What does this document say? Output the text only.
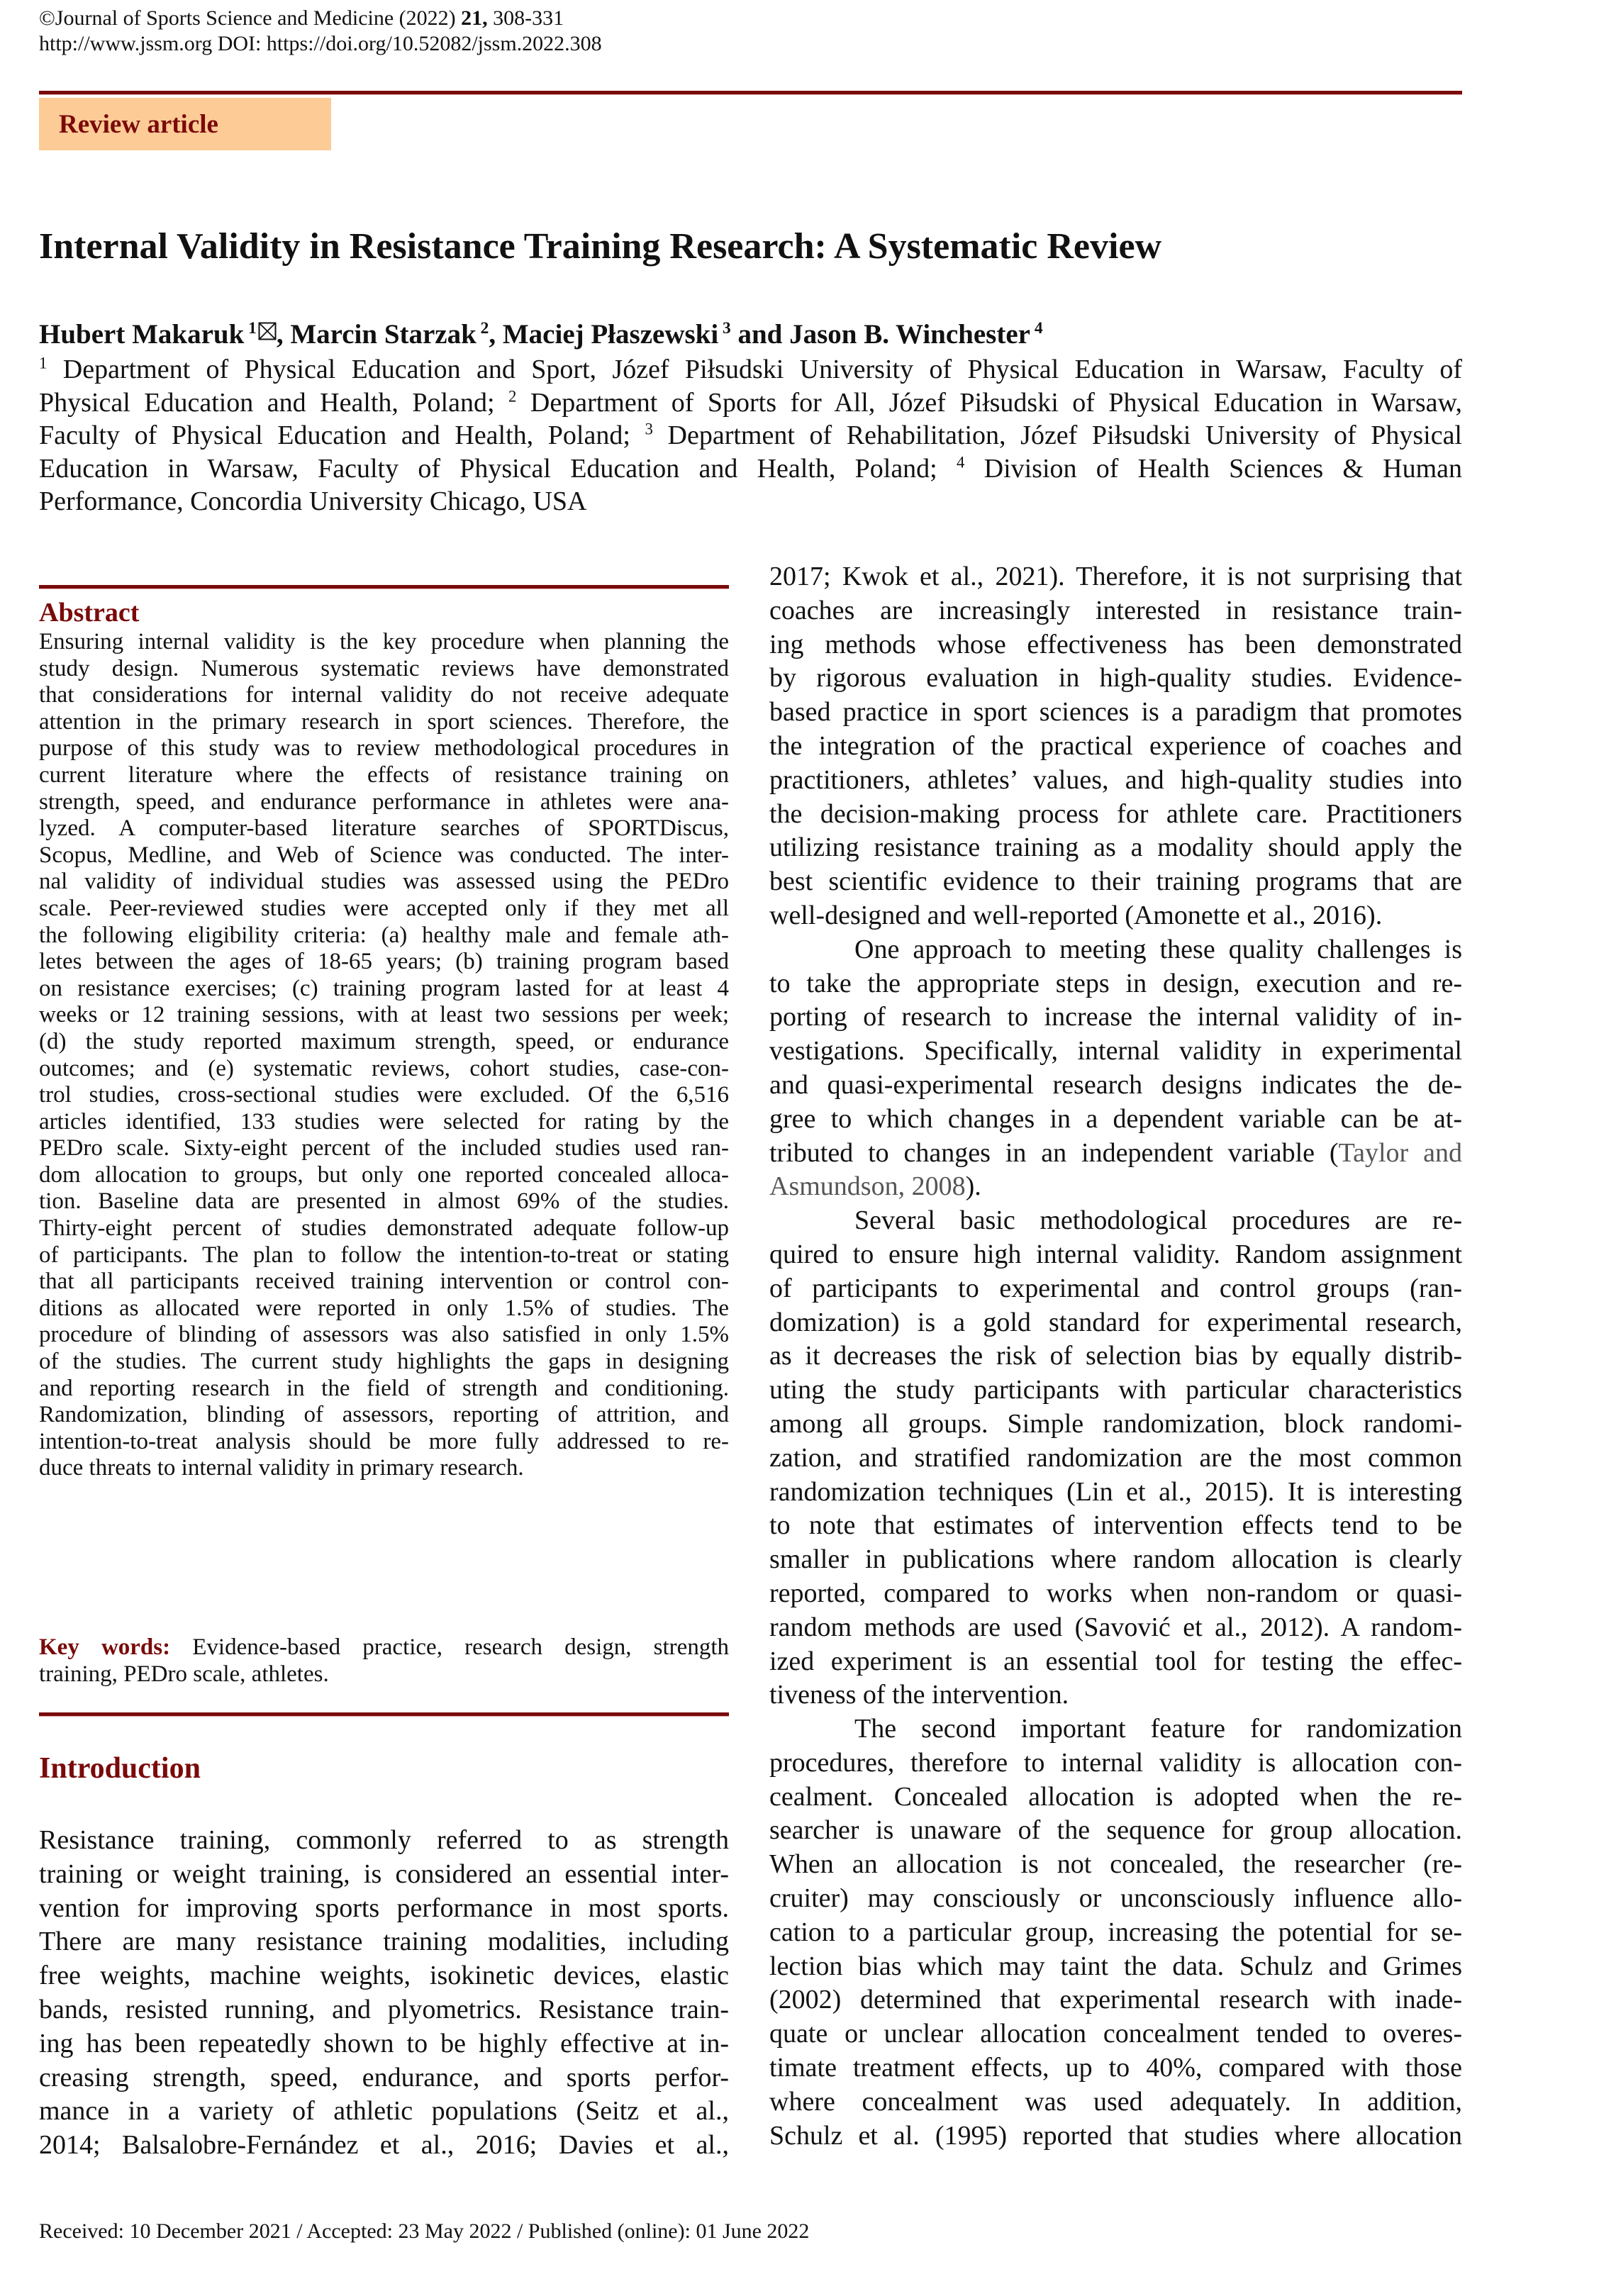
©Journal of Sports Science and Medicine (2022) 21, 308-331
http://www.jssm.org DOI: https://doi.org/10.52082/jssm.2022.308
Review article
Internal Validity in Resistance Training Research: A Systematic Review
Hubert Makaruk $^1$ , Marcin Starzak $^2$, Maciej Płaszewski $^3$ and Jason B. Winchester $^4$
$^1$ Department of Physical Education and Sport, Józef Piłsudski University of Physical Education in Warsaw, Faculty of
Physical Education and Health, Poland; $^2$ Department of Sports for All, Józef Piłsudski of Physical Education in Warsaw,
Faculty of Physical Education and Health, Poland; $^3$ Department of Rehabilitation, Józef Piłsudski University of Physical
Education in Warsaw, Faculty of Physical Education and Health, Poland; $^4$ Division of Health Sciences & Human
Performance, Concordia University Chicago, USA
Abstract
Ensuring internal validity is the key procedure when planning the
study design. Numerous systematic reviews have demonstrated
that considerations for internal validity do not receive adequate
attention in the primary research in sport sciences. Therefore, the
purpose of this study was to review methodological procedures in
current literature where the effects of resistance training on
strength, speed, and endurance performance in athletes were ana-
lyzed. A computer-based literature searches of SPORTDiscus,
Scopus, Medline, and Web of Science was conducted. The inter-
nal validity of individual studies was assessed using the PEDro
scale. Peer-reviewed studies were accepted only if they met all
the following eligibility criteria: (a) healthy male and female ath-
letes between the ages of 18-65 years; (b) training program based
on resistance exercises; (c) training program lasted for at least 4
weeks or 12 training sessions, with at least two sessions per week;
(d) the study reported maximum strength, speed, or endurance
outcomes; and (e) systematic reviews, cohort studies, case-con-
trol studies, cross-sectional studies were excluded. Of the 6,516
articles identified, 133 studies were selected for rating by the
PEDro scale. Sixty-eight percent of the included studies used ran-
dom allocation to groups, but only one reported concealed alloca-
tion. Baseline data are presented in almost 69% of the studies.
Thirty-eight percent of studies demonstrated adequate follow-up
of participants. The plan to follow the intention-to-treat or stating
that all participants received training intervention or control con-
ditions as allocated were reported in only 1.5% of studies. The
procedure of blinding of assessors was also satisfied in only 1.5%
of the studies. The current study highlights the gaps in designing
and reporting research in the field of strength and conditioning.
Randomization, blinding of assessors, reporting of attrition, and
intention-to-treat analysis should be more fully addressed to re-
duce threats to internal validity in primary research.
Key words: Evidence-based practice, research design, strength
training, PEDro scale, athletes.
Introduction
Resistance training, commonly referred to as strength
training or weight training, is considered an essential inter-
vention for improving sports performance in most sports.
There are many resistance training modalities, including
free weights, machine weights, isokinetic devices, elastic
bands, resisted running, and plyometrics. Resistance train-
ing has been repeatedly shown to be highly effective at in-
creasing strength, speed, endurance, and sports perfor-
mance in a variety of athletic populations (Seitz et al.,
2014; Balsalobre-Fernández et al., 2016; Davies et al.,
2017; Kwok et al., 2021). Therefore, it is not surprising that
coaches are increasingly interested in resistance train-
ing methods whose effectiveness has been demonstrated
by rigorous evaluation in high-quality studies. Evidence-
based practice in sport sciences is a paradigm that promotes
the integration of the practical experience of coaches and
practitioners, athletes’ values, and high-quality studies into
the decision-making process for athlete care. Practitioners
utilizing resistance training as a modality should apply the
best scientific evidence to their training programs that are
well-designed and well-reported (Amonette et al., 2016).
One approach to meeting these quality challenges is
to take the appropriate steps in design, execution and re-
porting of research to increase the internal validity of in-
vestigations. Specifically, internal validity in experimental
and quasi-experimental research designs indicates the de-
gree to which changes in a dependent variable can be at-
tributed to changes in an independent variable (Taylor and
Asmundson, 2008).
Several basic methodological procedures are re-
quired to ensure high internal validity. Random assignment
of participants to experimental and control groups (ran-
domization) is a gold standard for experimental research,
as it decreases the risk of selection bias by equally distrib-
uting the study participants with particular characteristics
among all groups. Simple randomization, block randomi-
zation, and stratified randomization are the most common
randomization techniques (Lin et al., 2015). It is interesting
to note that estimates of intervention effects tend to be
smaller in publications where random allocation is clearly
reported, compared to works when non-random or quasi-
random methods are used (Savović et al., 2012). A random-
ized experiment is an essential tool for testing the effec-
tiveness of the intervention.
The second important feature for randomization
procedures, therefore to internal validity is allocation con-
cealment. Concealed allocation is adopted when the re-
searcher is unaware of the sequence for group allocation.
When an allocation is not concealed, the researcher (re-
cruiter) may consciously or unconsciously influence allo-
cation to a particular group, increasing the potential for se-
lection bias which may taint the data. Schulz and Grimes
(2002) determined that experimental research with inade-
quate or unclear allocation concealment tended to overes-
timate treatment effects, up to 40%, compared with those
where concealment was used adequately. In addition,
Schulz et al. (1995) reported that studies where allocation
Received: 10 December 2021 / Accepted: 23 May 2022 / Published (online): 01 June 2022
